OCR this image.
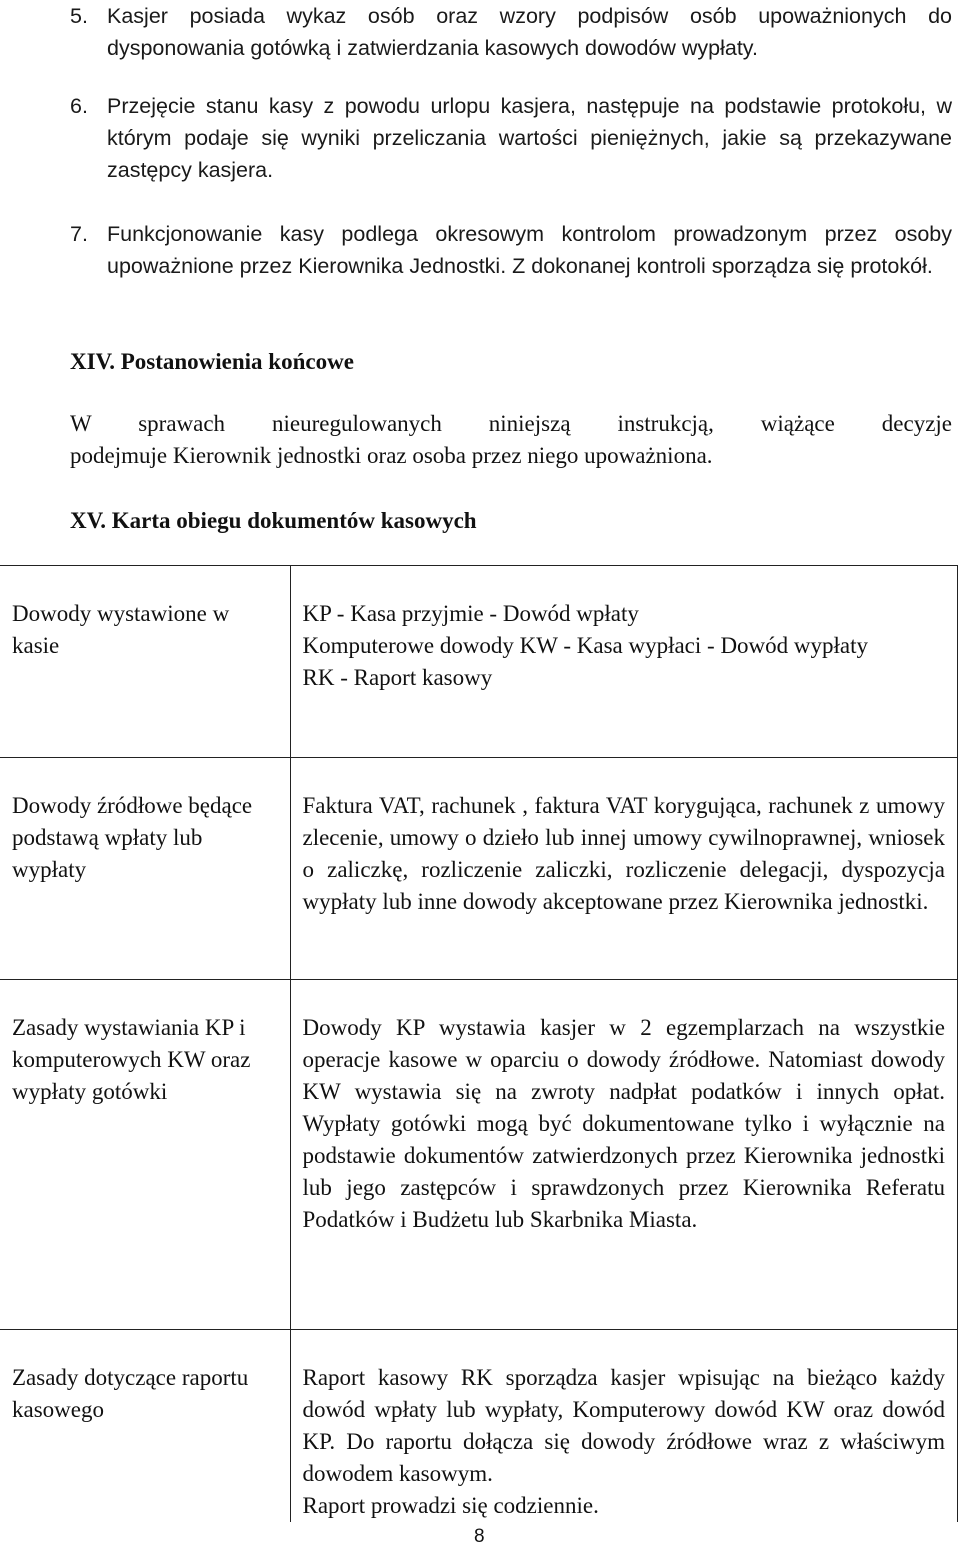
5. Kasjer posiada wykaz osób oraz wzory podpisów osób upoważnionych do dysponowania gotówką i zatwierdzania kasowych dowodów wypłaty.
6. Przejęcie stanu kasy z powodu urlopu kasjera, następuje na podstawie protokołu, w którym podaje się wyniki przeliczania wartości pieniężnych, jakie są przekazywane zastępcy kasjera.
7. Funkcjonowanie kasy podlega okresowym kontrolom prowadzonym przez osoby upoważnione przez Kierownika Jednostki. Z dokonanej kontroli sporządza się protokół.
XIV. Postanowienia końcowe
W sprawach nieuregulowanych niniejszą instrukcją, wiążące decyzje
podejmuje Kierownik jednostki oraz osoba przez niego upoważniona.
XV. Karta obiegu dokumentów kasowych
Dowody wystawione w kasie	KP - Kasa przyjmie - Dowód wpłaty
Komputerowe dowody KW - Kasa wypłaci - Dowód wypłaty
RK - Raport kasowy

Dowody źródłowe będące podstawą wpłaty lub wypłaty	Faktura VAT, rachunek , faktura VAT korygująca, rachunek z umowy zlecenie, umowy o dzieło lub innej umowy cywilnoprawnej, wniosek o zaliczkę, rozliczenie zaliczki, rozliczenie delegacji, dyspozycja wypłaty lub inne dowody akceptowane przez Kierownika jednostki.
Zasady wystawiania KP i komputerowych KW oraz wypłaty gotówki	Dowody KP wystawia kasjer w 2 egzemplarzach na wszystkie operacje kasowe w oparciu o dowody źródłowe. Natomiast dowody KW wystawia się na zwroty nadpłat podatków i innych opłat. Wypłaty gotówki mogą być dokumentowane tylko i wyłącznie na podstawie dokumentów zatwierdzonych przez Kierownika jednostki lub jego zastępców i sprawdzonych przez Kierownika Referatu Podatków i Budżetu lub Skarbnika Miasta.
Zasady dotyczące raportu kasowego	Raport kasowy RK sporządza kasjer wpisując na bieżąco każdy dowód wpłaty lub wypłaty, Komputerowy dowód KW oraz dowód KP. Do raportu dołącza się dowody źródłowe wraz z właściwym dowodem kasowym.
Raport prowadzi się codziennie.
8
